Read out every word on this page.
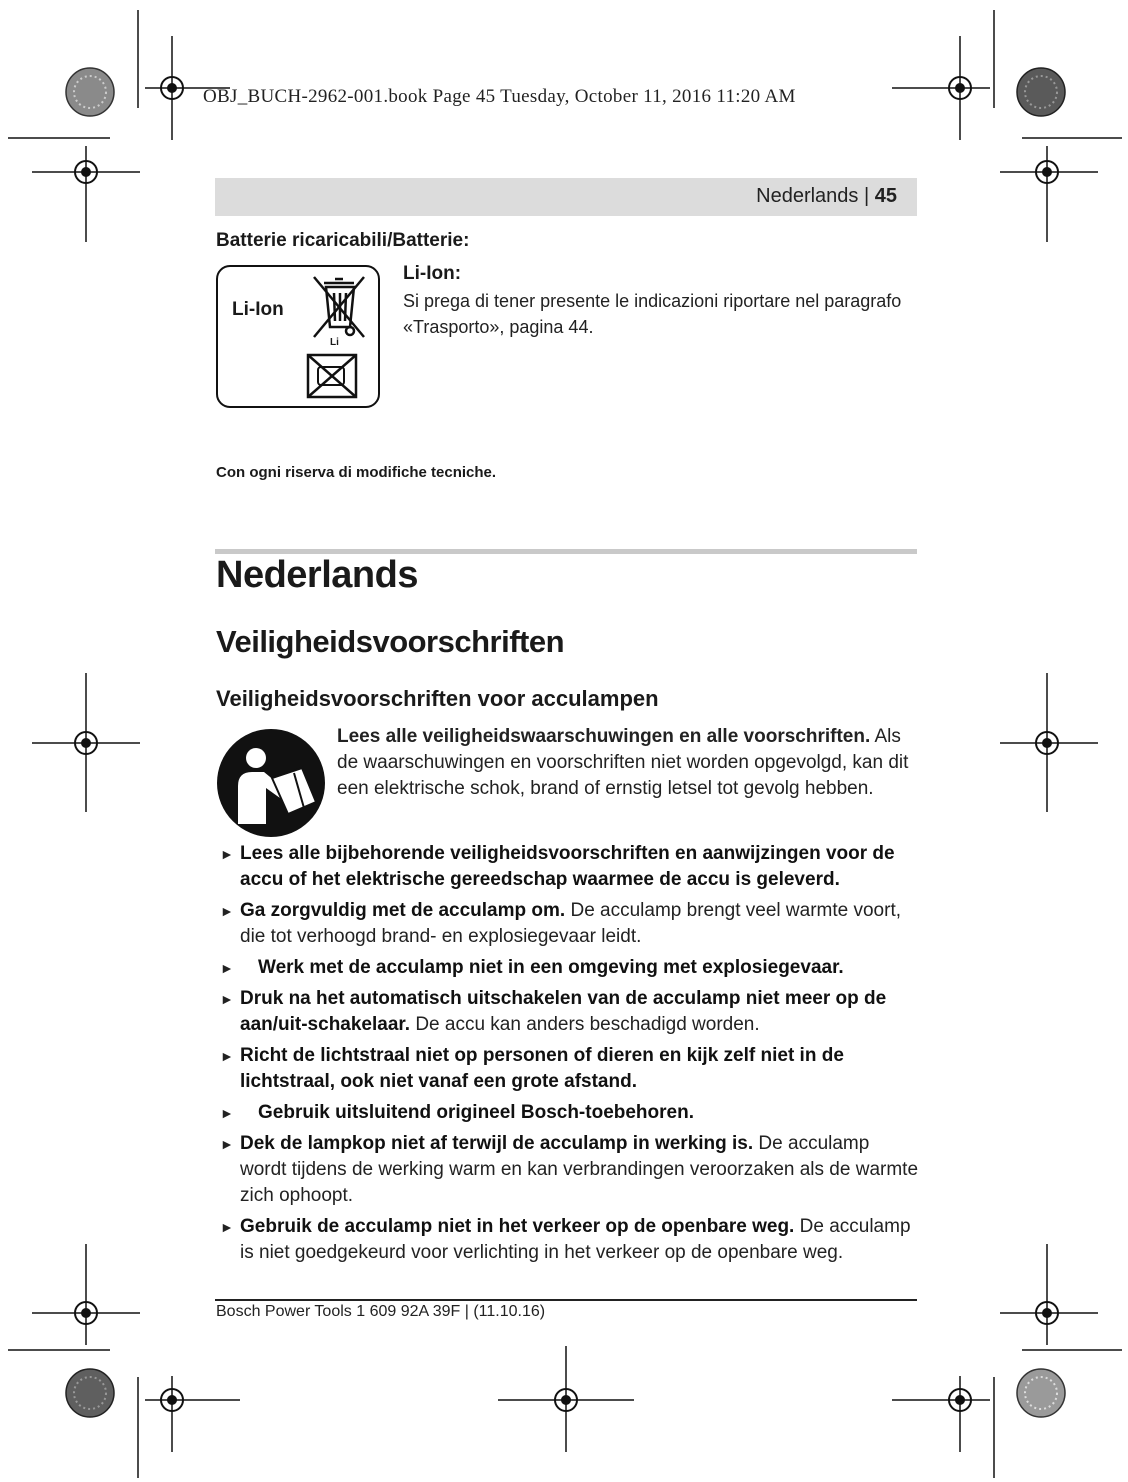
OBJ_BUCH-2962-001.book Page 45 Tuesday, October 11, 2016 11:20 AM
Nederlands | 45
Batterie ricaricabili/Batterie:
Li-Ion
Li
Li-Ion:
Si prega di tener presente le indicazioni riportare nel paragrafo «Trasporto», pagina 44.
Con ogni riserva di modifiche tecniche.
Nederlands
Veiligheidsvoorschriften
Veiligheidsvoorschriften voor acculampen
Lees alle veiligheidswaarschuwingen en alle voorschriften. Als de waarschuwingen en voorschriften niet worden opgevolgd, kan dit een elektrische schok, brand of ernstig letsel tot gevolg hebben.
► Lees alle bijbehorende veiligheidsvoorschriften en aanwijzingen voor de accu of het elektrische gereedschap waarmee de accu is geleverd.
► Ga zorgvuldig met de acculamp om. De acculamp brengt veel warmte voort, die tot verhoogd brand- en explosiegevaar leidt.
► Werk met de acculamp niet in een omgeving met explosiegevaar.
► Druk na het automatisch uitschakelen van de acculamp niet meer op de aan/uit-schakelaar. De accu kan anders beschadigd worden.
► Richt de lichtstraal niet op personen of dieren en kijk zelf niet in de lichtstraal, ook niet vanaf een grote afstand.
► Gebruik uitsluitend origineel Bosch-toebehoren.
► Dek de lampkop niet af terwijl de acculamp in werking is. De acculamp wordt tijdens de werking warm en kan verbrandingen veroorzaken als de warmte zich ophoopt.
► Gebruik de acculamp niet in het verkeer op de openbare weg. De acculamp is niet goedgekeurd voor verlichting in het verkeer op de openbare weg.
Bosch Power Tools 1 609 92A 39F | (11.10.16)
